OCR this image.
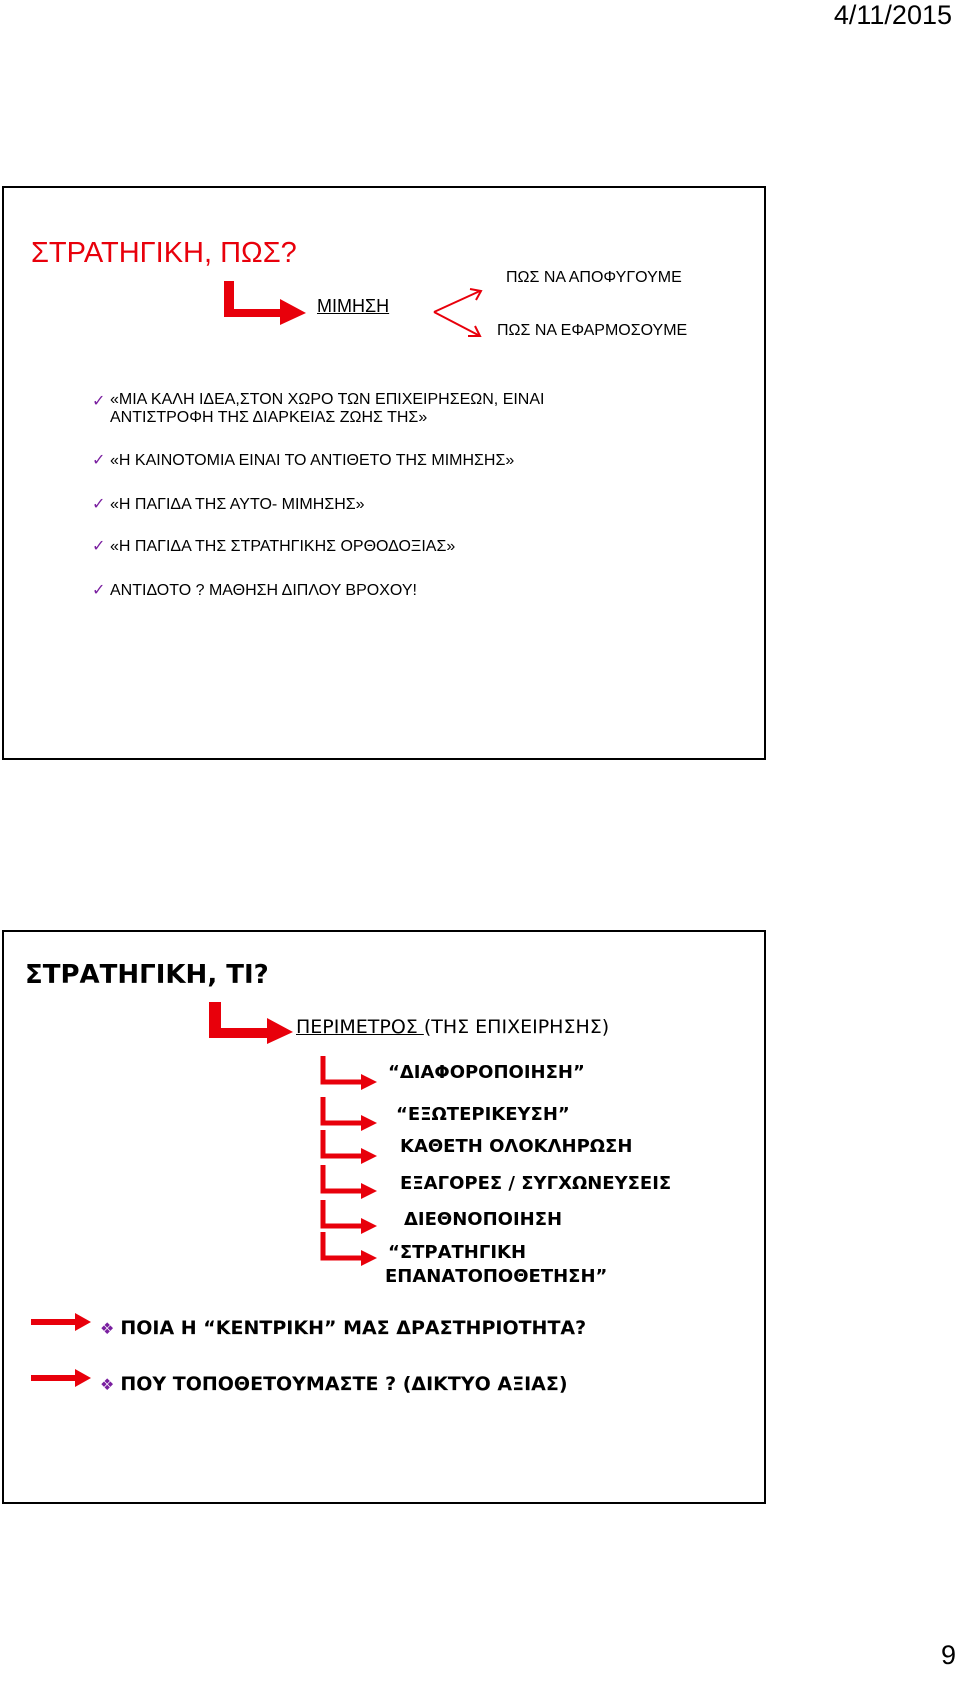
4/11/2015
ΣΤΡΑΤΗΓΙΚΗ, ΠΩΣ?
ΜΙΜΗΣΗ
ΠΩΣ ΝΑ ΑΠΟΦΥΓΟΥΜΕ
ΠΩΣ ΝΑ ΕΦΑΡΜΟΣΟΥΜΕ
✓ «ΜΙΑ ΚΑΛΗ ΙΔΕΑ,ΣΤΟΝ ΧΩΡΟ ΤΩΝ ΕΠΙΧΕΙΡΗΣΕΩΝ, ΕΙΝΑΙ
ΑΝΤΙΣΤΡΟΦΗ ΤΗΣ ΔΙΑΡΚΕΙΑΣ ΖΩΗΣ ΤΗΣ»
✓ «Η ΚΑΙΝΟΤΟΜΙΑ ΕΙΝΑΙ ΤΟ ΑΝΤΙΘΕΤΟ ΤΗΣ ΜΙΜΗΣΗΣ»
✓ «Η ΠΑΓΙΔΑ ΤΗΣ ΑΥΤΟ- ΜΙΜΗΣΗΣ»
✓ «Η ΠΑΓΙΔΑ ΤΗΣ ΣΤΡΑΤΗΓΙΚΗΣ ΟΡΘΟΔΟΞΙΑΣ»
✓ ΑΝΤΙΔΟΤΟ ? ΜΑΘΗΣΗ ΔΙΠΛΟΥ ΒΡΟΧΟΥ!
ΣΤΡΑΤΗΓΙΚΗ, ΤΙ?
ΠΕΡΙΜΕΤΡΟΣ (ΤΗΣ ΕΠΙΧΕΙΡΗΣΗΣ)
“ΔΙΑΦΟΡΟΠΟΙΗΣΗ”
“ΕΞΩΤΕΡΙΚΕΥΣΗ”
ΚΑΘΕΤΗ ΟΛΟΚΛΗΡΩΣΗ
ΕΞΑΓΟΡΕΣ / ΣΥΓΧΩΝΕΥΣΕΙΣ
ΔΙΕΘΝΟΠΟΙΗΣΗ
“ΣΤΡΑΤΗΓΙΚΗ
ΕΠΑΝΑΤΟΠΟΘΕΤΗΣΗ”
❖ ΠΟΙΑ Η “ΚΕΝΤΡΙΚΗ” ΜΑΣ ΔΡΑΣΤΗΡΙΟΤΗΤΑ?
❖ ΠΟΥ ΤΟΠΟΘΕΤΟΥΜΑΣΤΕ ? (ΔΙΚΤΥΟ ΑΞΙΑΣ)
9
